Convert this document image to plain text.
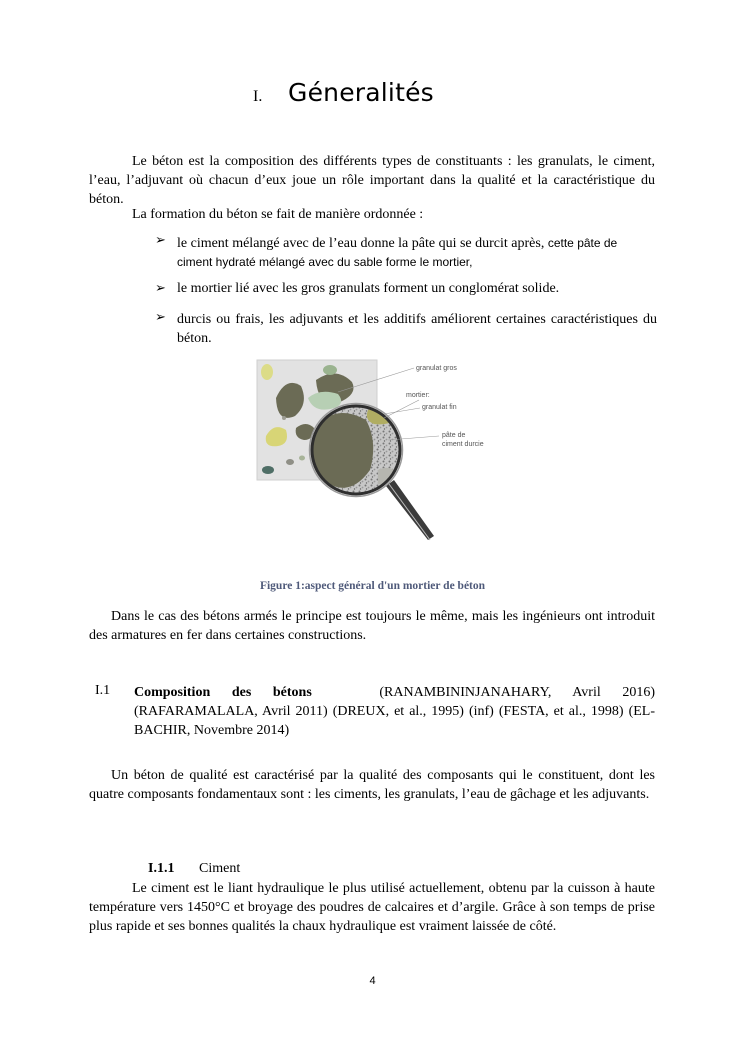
I. Géneralités
Le béton est la composition des différents types de constituants : les granulats, le ciment, l’eau, l’adjuvant où chacun d’eux joue un rôle important dans la qualité et la caractéristique du béton.
La formation du béton se fait de manière ordonnée :
➢ le ciment mélangé avec de l’eau donne la pâte qui se durcit après, cette pâte de
ciment hydraté mélangé avec du sable forme le mortier,
➢ le mortier lié avec les gros granulats forment un conglomérat solide.
➢ durcis ou frais, les adjuvants et les additifs améliorent certaines caractéristiques du béton.
granulat gros
mortier:
granulat fin
pâte de
ciment durcie
Figure 1:aspect général d'un mortier de béton
Dans le cas des bétons armés le principe est toujours le même, mais les ingénieurs ont introduit des armatures en fer dans certaines constructions.
I.1 Composition des bétons	(RANAMBININJANAHARY, Avril 2016) (RAFARAMALALA, Avril 2011) (DREUX, et al., 1995) (inf) (FESTA, et al., 1998) (EL-BACHIR, Novembre 2014)
Un béton de qualité est caractérisé par la qualité des composants qui le constituent, dont les quatre composants fondamentaux sont : les ciments, les granulats, l’eau de gâchage et les adjuvants.
I.1.1 Ciment
Le ciment est le liant hydraulique le plus utilisé actuellement, obtenu par la cuisson à haute température vers 1450°C et broyage des poudres de calcaires et d’argile. Grâce à son temps de prise plus rapide et ses bonnes qualités la chaux hydraulique est vraiment laissée de côté.
4
